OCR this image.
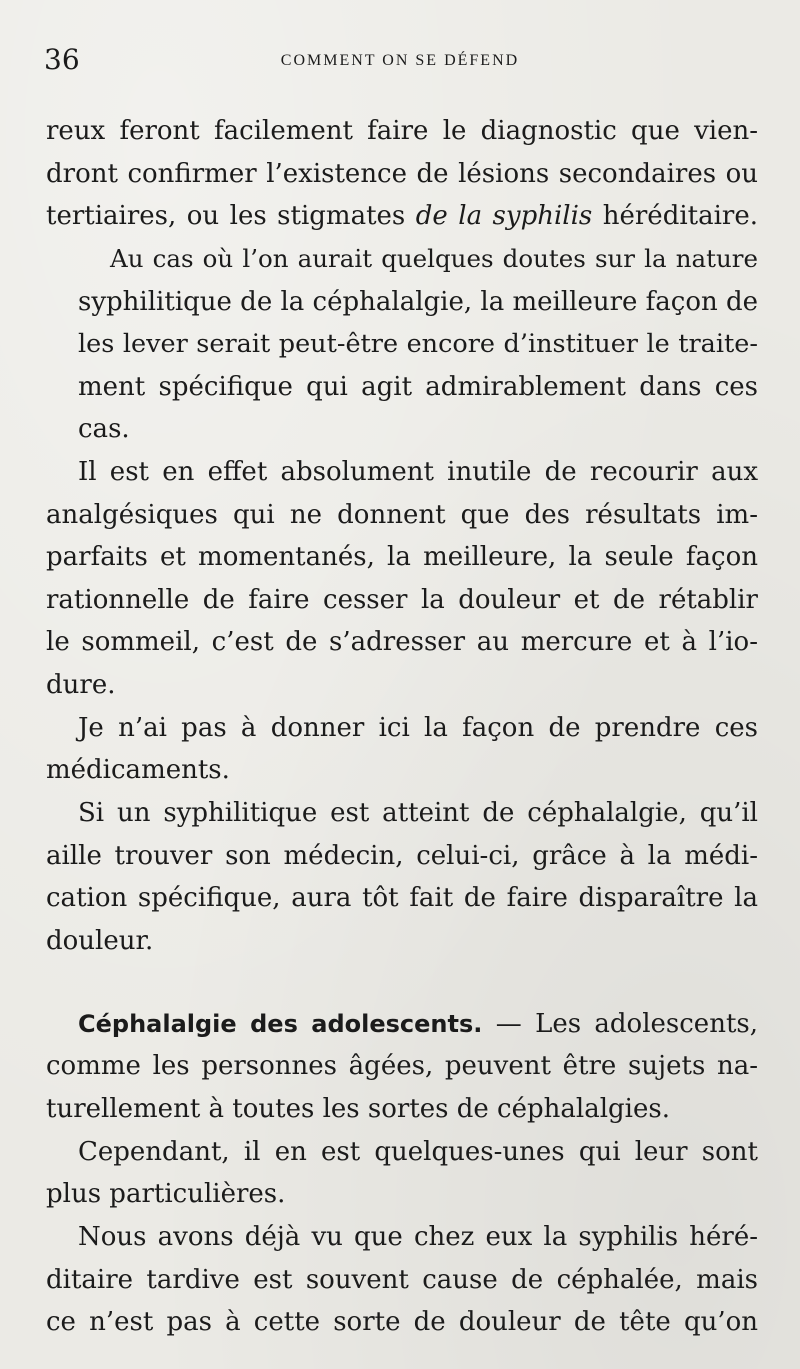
36	COMMENT ON SE DÉFEND
reux feront facilement faire le diagnostic que vien-
dront confirmer l’existence de lésions secondaires ou
tertiaires, ou les stigmates de la syphilis héréditaire.
Au cas où l’on aurait quelques doutes sur la nature
syphilitique de la céphalalgie, la meilleure façon de
les lever serait peut-être encore d’instituer le traite-
ment spécifique qui agit admirablement dans ces
cas.
Il est en effet absolument inutile de recourir aux
analgésiques qui ne donnent que des résultats im-
parfaits et momentanés, la meilleure, la seule façon
rationnelle de faire cesser la douleur et de rétablir
le sommeil, c’est de s’adresser au mercure et à l’io-
dure.
Je n’ai pas à donner ici la façon de prendre ces
médicaments.
Si un syphilitique est atteint de céphalalgie, qu’il
aille trouver son médecin, celui-ci, grâce à la médi-
cation spécifique, aura tôt fait de faire disparaître la
douleur.
Céphalalgie des adolescents. — Les adolescents,
comme les personnes âgées, peuvent être sujets na-
turellement à toutes les sortes de céphalalgies.
Cependant, il en est quelques-unes qui leur sont
plus particulières.
Nous avons déjà vu que chez eux la syphilis héré-
ditaire tardive est souvent cause de céphalée, mais
ce n’est pas à cette sorte de douleur de tête qu’on
